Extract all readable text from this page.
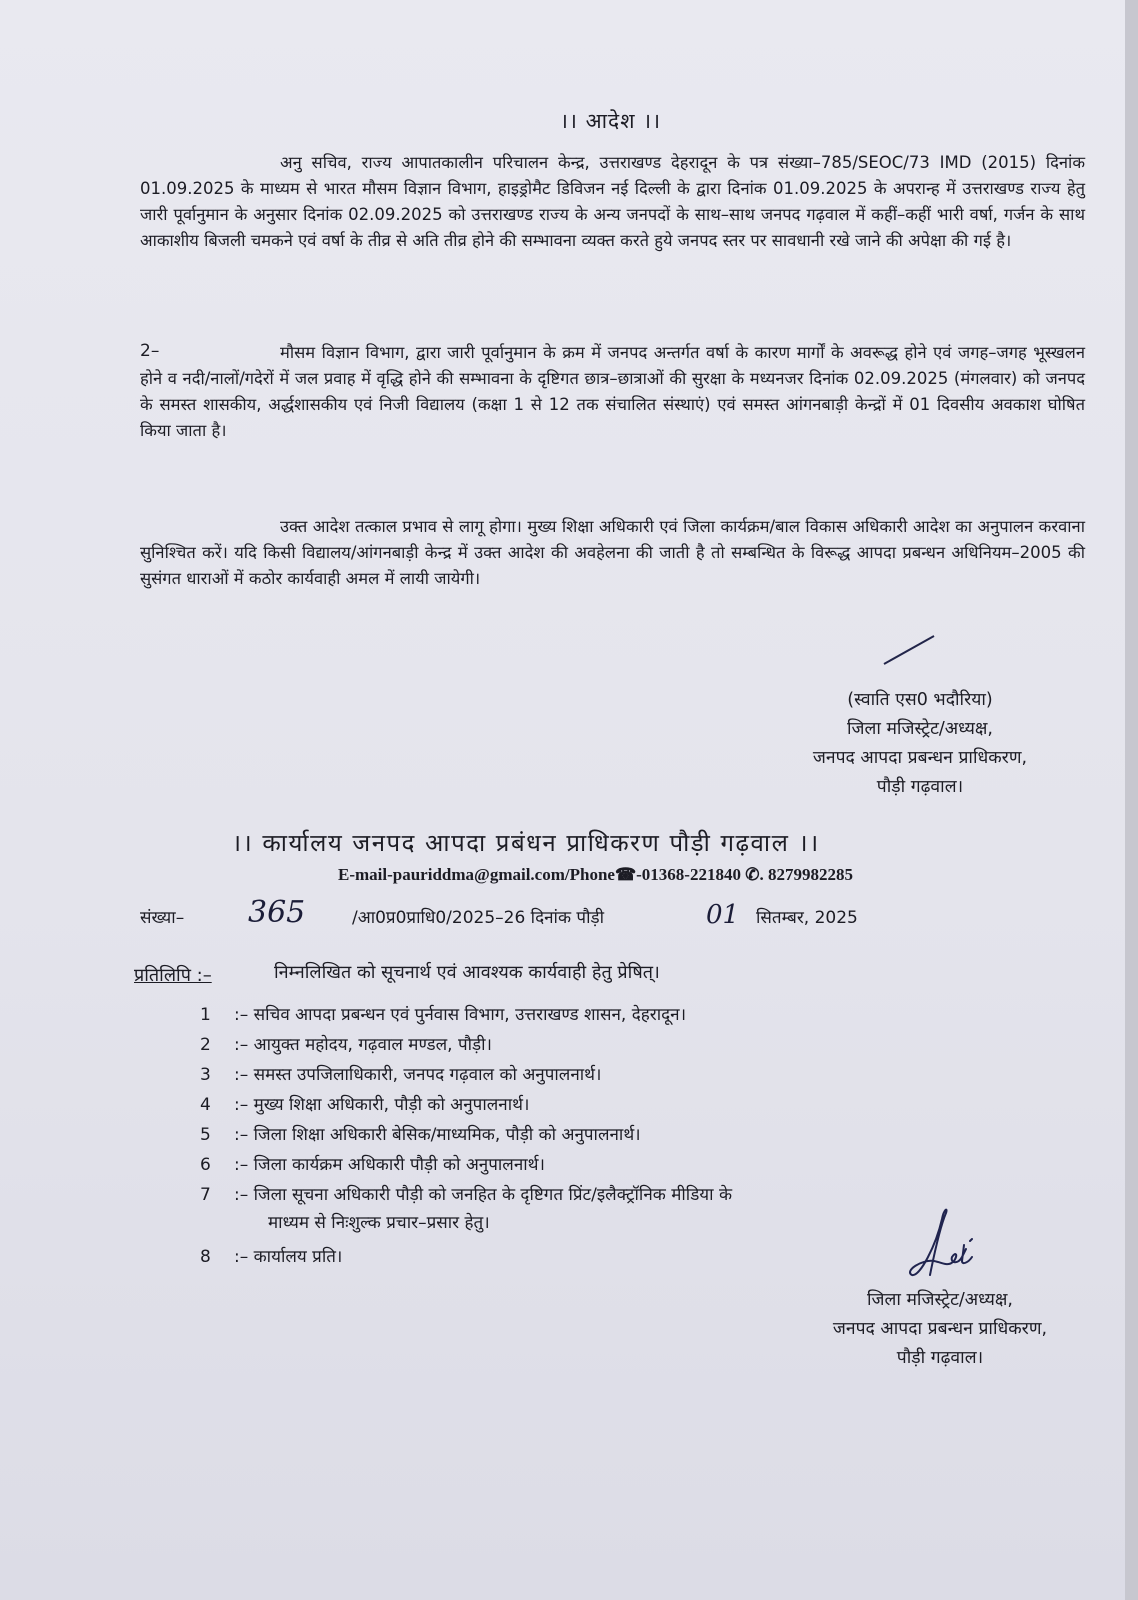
।। आदेश ।।
अनु सचिव, राज्य आपातकालीन परिचालन केन्द्र, उत्तराखण्ड देहरादून के पत्र संख्या–785/SEOC/73 IMD (2015) दिनांक 01.09.2025 के माध्यम से भारत मौसम विज्ञान विभाग, हाइड्रोमैट डिविजन नई दिल्ली के द्वारा दिनांक 01.09.2025 के अपरान्ह में उत्तराखण्ड राज्य हेतु जारी पूर्वानुमान के अनुसार दिनांक 02.09.2025 को उत्तराखण्ड राज्य के अन्य जनपदों के साथ–साथ जनपद गढ़वाल में कहीं–कहीं भारी वर्षा, गर्जन के साथ आकाशीय बिजली चमकने एवं वर्षा के तीव्र से अति तीव्र होने की सम्भावना व्यक्त करते हुये जनपद स्तर पर सावधानी रखे जाने की अपेक्षा की गई है।
2–	मौसम विज्ञान विभाग, द्वारा जारी पूर्वानुमान के क्रम में जनपद अन्तर्गत वर्षा के कारण मार्गों के अवरूद्ध होने एवं जगह–जगह भूस्खलन होने व नदी/नालों/गदेरों में जल प्रवाह में वृद्धि होने की सम्भावना के दृष्टिगत छात्र–छात्राओं की सुरक्षा के मध्यनजर दिनांक 02.09.2025 (मंगलवार) को जनपद के समस्त शासकीय, अर्द्धशासकीय एवं निजी विद्यालय (कक्षा 1 से 12 तक संचालित संस्थाएं) एवं समस्त आंगनबाड़ी केन्द्रों में 01 दिवसीय अवकाश घोषित किया जाता है।
उक्त आदेश तत्काल प्रभाव से लागू होगा। मुख्य शिक्षा अधिकारी एवं जिला कार्यक्रम/बाल विकास अधिकारी आदेश का अनुपालन करवाना सुनिश्चित करें। यदि किसी विद्यालय/आंगनबाड़ी केन्द्र में उक्त आदेश की अवहेलना की जाती है तो सम्बन्धित के विरूद्ध आपदा प्रबन्धन अधिनियम–2005 की सुसंगत धाराओं में कठोर कार्यवाही अमल में लायी जायेगी।
(स्वाति एस0 भदौरिया)
जिला मजिस्ट्रेट/अध्यक्ष,
जनपद आपदा प्रबन्धन प्राधिकरण,
पौड़ी गढ़वाल।
।। कार्यालय जनपद आपदा प्रबंधन प्राधिकरण पौड़ी गढ़वाल ।।
E-mail-pauriddma@gmail.com/Phone☎-01368-221840 ✆. 8279982285
संख्या– 365	/आ0प्र0प्राधि0/2025–26 दिनांक पौड़ी	01 सितम्बर, 2025
प्रतिलिपि :–	निम्नलिखित को सूचनार्थ एवं आवश्यक कार्यवाही हेतु प्रेषित्।
1 :– सचिव आपदा प्रबन्धन एवं पुर्नवास विभाग, उत्तराखण्ड शासन, देहरादून।
2 :– आयुक्त महोदय, गढ़वाल मण्डल, पौड़ी।
3 :– समस्त उपजिलाधिकारी, जनपद गढ़वाल को अनुपालनार्थ।
4 :– मुख्य शिक्षा अधिकारी, पौड़ी को अनुपालनार्थ।
5 :– जिला शिक्षा अधिकारी बेसिक/माध्यमिक, पौड़ी को अनुपालनार्थ।
6 :– जिला कार्यक्रम अधिकारी पौड़ी को अनुपालनार्थ।
7 :– जिला सूचना अधिकारी पौड़ी को जनहित के दृष्टिगत प्रिंट/इलैक्ट्रॉनिक मीडिया के
माध्यम से निःशुल्क प्रचार–प्रसार हेतु।
8 :– कार्यालय प्रति।
जिला मजिस्ट्रेट/अध्यक्ष,
जनपद आपदा प्रबन्धन प्राधिकरण,
पौड़ी गढ़वाल।
